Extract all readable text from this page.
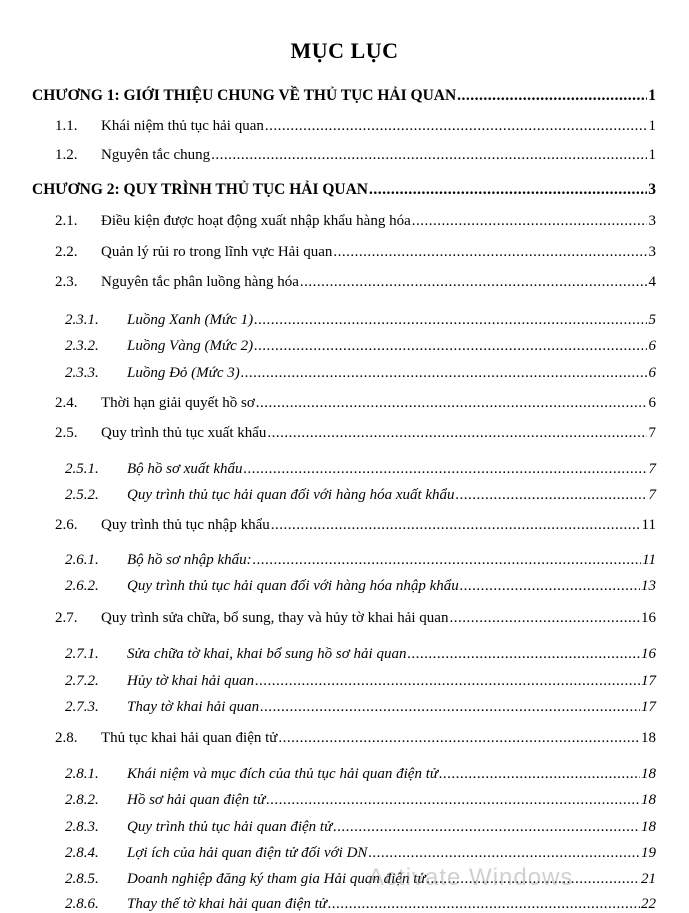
MỤC LỤC
CHƯƠNG 1: GIỚI THIỆU CHUNG VỀ THỦ TỤC HẢI QUAN .....	1
1.1.	Khái niệm thủ tục hải quan .....	1
1.2.	Nguyên tắc chung .....	1
CHƯƠNG 2: QUY TRÌNH THỦ TỤC HẢI QUAN .....	3
2.1.	Điều kiện được hoạt động xuất nhập khẩu hàng hóa .....	3
2.2.	Quản lý rủi ro trong lĩnh vực Hải quan .....	3
2.3.	Nguyên tắc phân luồng hàng hóa .....	4
2.3.1.	Luồng Xanh (Mức 1) .....	5
2.3.2.	Luồng Vàng (Mức 2) .....	6
2.3.3.	Luồng Đỏ (Mức 3) .....	6
2.4.	Thời hạn giải quyết hồ sơ .....	6
2.5.	Quy trình thủ tục xuất khẩu .....	7
2.5.1.	Bộ hồ sơ xuất khẩu .....	7
2.5.2.	Quy trình thủ tục hải quan đối với hàng hóa xuất khẩu .....	7
2.6.	Quy trình thủ tục nhập khẩu .....	11
2.6.1.	Bộ hồ sơ nhập khẩu: .....	11
2.6.2.	Quy trình thủ tục hải quan đối với hàng hóa nhập khẩu .....	13
2.7.	Quy trình sửa chữa, bổ sung, thay và hủy tờ khai hải quan .....	16
2.7.1.	Sửa chữa tờ khai, khai bổ sung hồ sơ hải quan .....	16
2.7.2.	Hủy tờ khai hải quan .....	17
2.7.3.	Thay tờ khai hải quan .....	17
2.8.	Thủ tục khai hải quan điện tử .....	18
2.8.1.	Khái niệm và mục đích của thủ tục hải quan điện tử .....	18
2.8.2.	Hồ sơ hải quan điện tử .....	18
2.8.3.	Quy trình thủ tục hải quan điện tử .....	18
2.8.4.	Lợi ích của hải quan điện tử đối với DN .....	19
2.8.5.	Doanh nghiệp đăng ký tham gia Hải quan điện tử .....	21
2.8.6.	Thay thế tờ khai hải quan điện tử .....	22
Activate Windows
